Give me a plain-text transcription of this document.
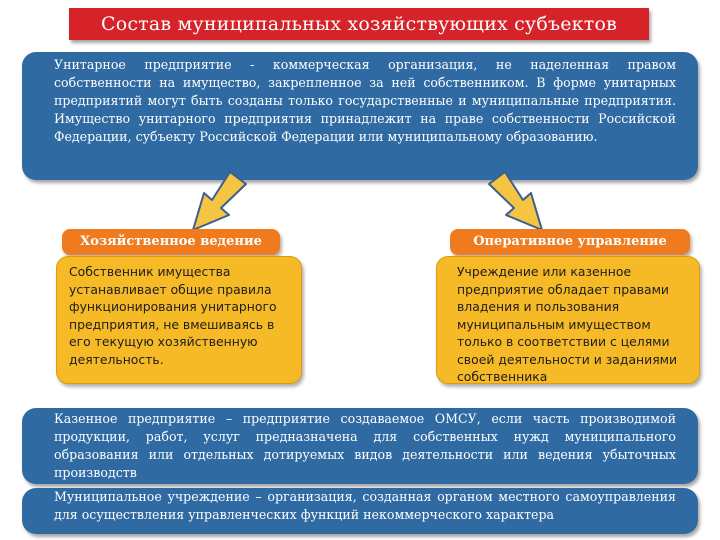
Состав муниципальных хозяйствующих субъектов
Унитарное предприятие - коммерческая организация, не наделенная правом собственности на имущество, закрепленное за ней собственником. В форме унитарных предприятий могут быть созданы только государственные и муниципальные предприятия. Имущество унитарного предприятия принадлежит на праве собственности Российской Федерации, субъекту Российской Федерации или муниципальному образованию.
Хозяйственное ведение	Оперативное управление
Собственник имущества устанавливает общие правила функционирования унитарного предприятия, не вмешиваясь в его текущую хозяйственную деятельность.
Учреждение или казенное предприятие обладает правами владения и пользования муниципальным имуществом только в соответствии с целями своей деятельности и заданиями собственника
Казенное предприятие – предприятие создаваемое ОМСУ, если часть производимой продукции, работ, услуг предназначена для собственных нужд муниципального образования или отдельных дотируемых видов деятельности или ведения убыточных производств
Муниципальное учреждение – организация, созданная органом местного самоуправления для осуществления управленческих функций некоммерческого характера
